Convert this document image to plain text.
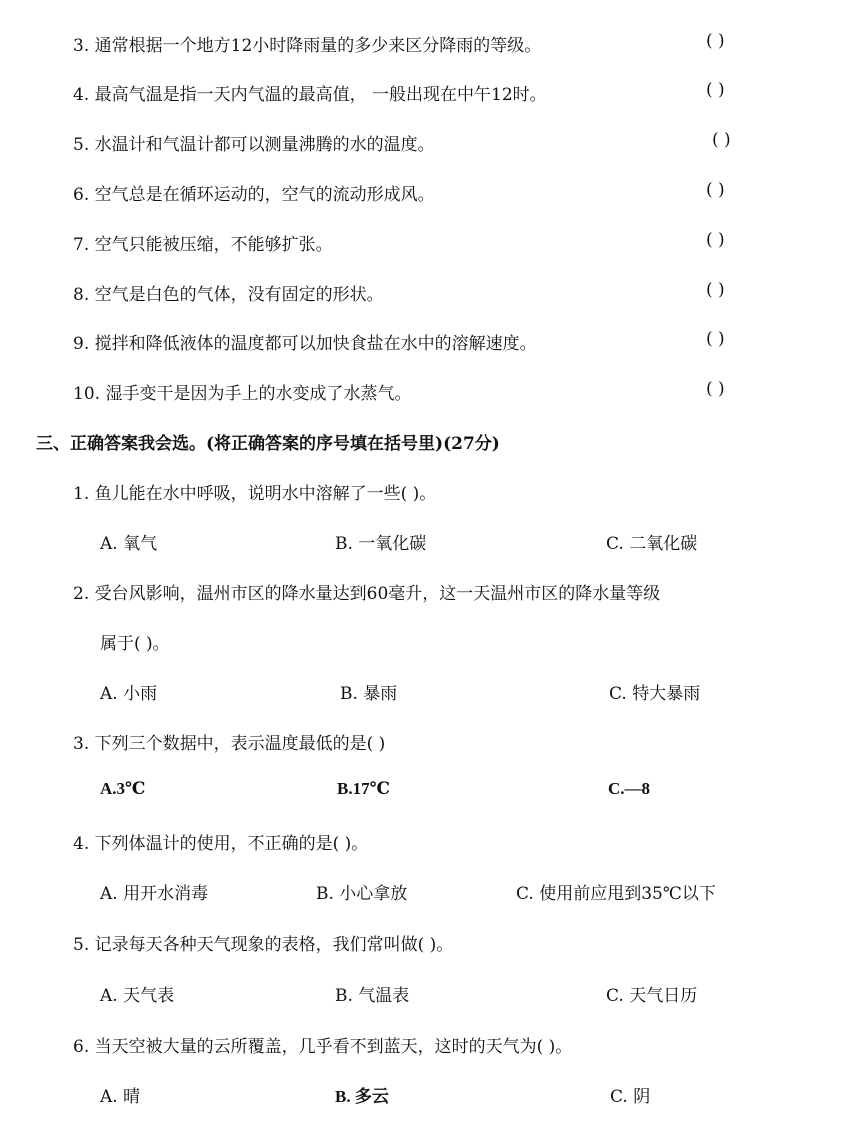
3. 通常根据一个地方12小时降雨量的多少来区分降雨的等级。	( )
4. 最高气温是指一天内气温的最高值， 一般出现在中午12时。	( )
5. 水温计和气温计都可以测量沸腾的水的温度。	( )
6. 空气总是在循环运动的，空气的流动形成风。	( )
7. 空气只能被压缩，不能够扩张。	( )
8. 空气是白色的气体，没有固定的形状。	( )
9. 搅拌和降低液体的温度都可以加快食盐在水中的溶解速度。	( )
10. 湿手变干是因为手上的水变成了水蒸气。	( )
三、正确答案我会选。(将正确答案的序号填在括号里)(27分)
1. 鱼儿能在水中呼吸，说明水中溶解了一些( )。
A. 氧气	B. 一氧化碳	C. 二氧化碳
2. 受台风影响，温州市区的降水量达到60毫升，这一天温州市区的降水量等级
属于( )。
A. 小雨	B. 暴雨	C. 特大暴雨
3. 下列三个数据中，表示温度最低的是( )
A.3℃	B.17℃	C.—8
4. 下列体温计的使用，不正确的是( )。
A. 用开水消毒	B. 小心拿放	C. 使用前应甩到35℃以下
5. 记录每天各种天气现象的表格，我们常叫做( )。
A. 天气表	B. 气温表	C. 天气日历
6. 当天空被大量的云所覆盖，几乎看不到蓝天，这时的天气为( )。
A. 晴	B. 多云	C. 阴
